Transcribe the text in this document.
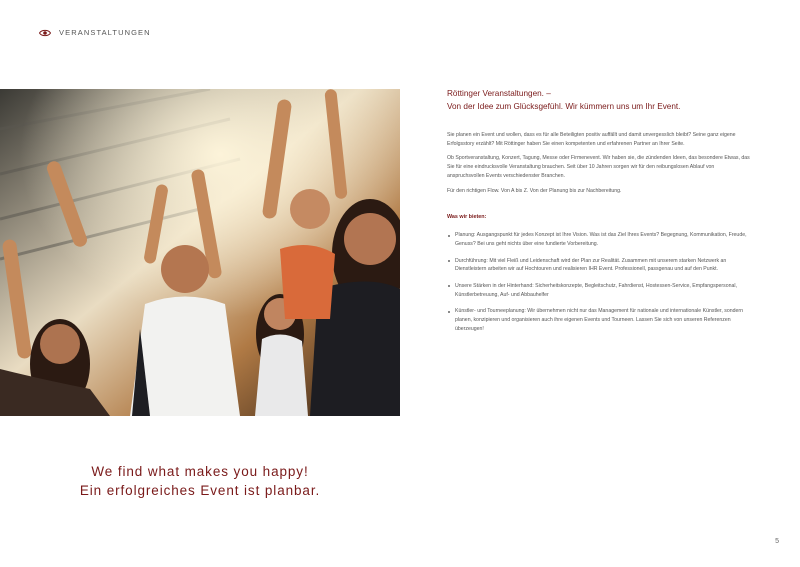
VERANSTALTUNGEN

Röttinger Veranstaltungen. –
Von der Idee zum Glücksgefühl. Wir kümmern uns um Ihr Event.

Sie planen ein Event und wollen, dass es für alle Beteiligten positiv auffällt und damit unvergesslich bleibt? Seine ganz eigene Erfolgsstory erzählt? Mit Röttinger haben Sie einen kompetenten und erfahrenen Partner an Ihrer Seite.

Ob Sportveranstaltung, Konzert, Tagung, Messe oder Firmenevent. Wir haben sie, die zündenden Ideen, das besondere Etwas, das Sie für eine eindrucksvolle Veranstaltung brauchen. Seit über 10 Jahren sorgen wir für den reibungslosen Ablauf von anspruchsvollen Events verschiedenster Branchen.

Für den richtigen Flow. Von A bis Z. Von der Planung bis zur Nachbereitung.

Was wir bieten:

Planung: Ausgangspunkt für jedes Konzept ist Ihre Vision. Was ist das Ziel Ihres Events? Begegnung, Kommunikation, Freude, Genuss? Bei uns geht nichts über eine fundierte Vorbereitung.
Durchführung: Mit viel Fleiß und Leidenschaft wird der Plan zur Realität. Zusammen mit unserem starken Netzwerk an Dienstleistern arbeiten wir auf Hochtouren und realisieren IHR Event. Professionell, passgenau und auf den Punkt.
Unsere Stärken in der Hinterhand: Sicherheitskonzepte, Begleitschutz, Fahrdienst, Hostessen-Service, Empfangspersonal, Künstlerbetreuung, Auf- und Abbauhelfer
Künstler- und Tourneeplanung: Wir übernehmen nicht nur das Management für nationale und internationale Künstler, sondern planen, konzipieren und organisieren auch ihre eigenen Events und Tourneen. Lassen Sie sich von unseren Referenzen überzeugen!
We find what makes you happy!
Ein erfolgreiches Event ist planbar.
5
